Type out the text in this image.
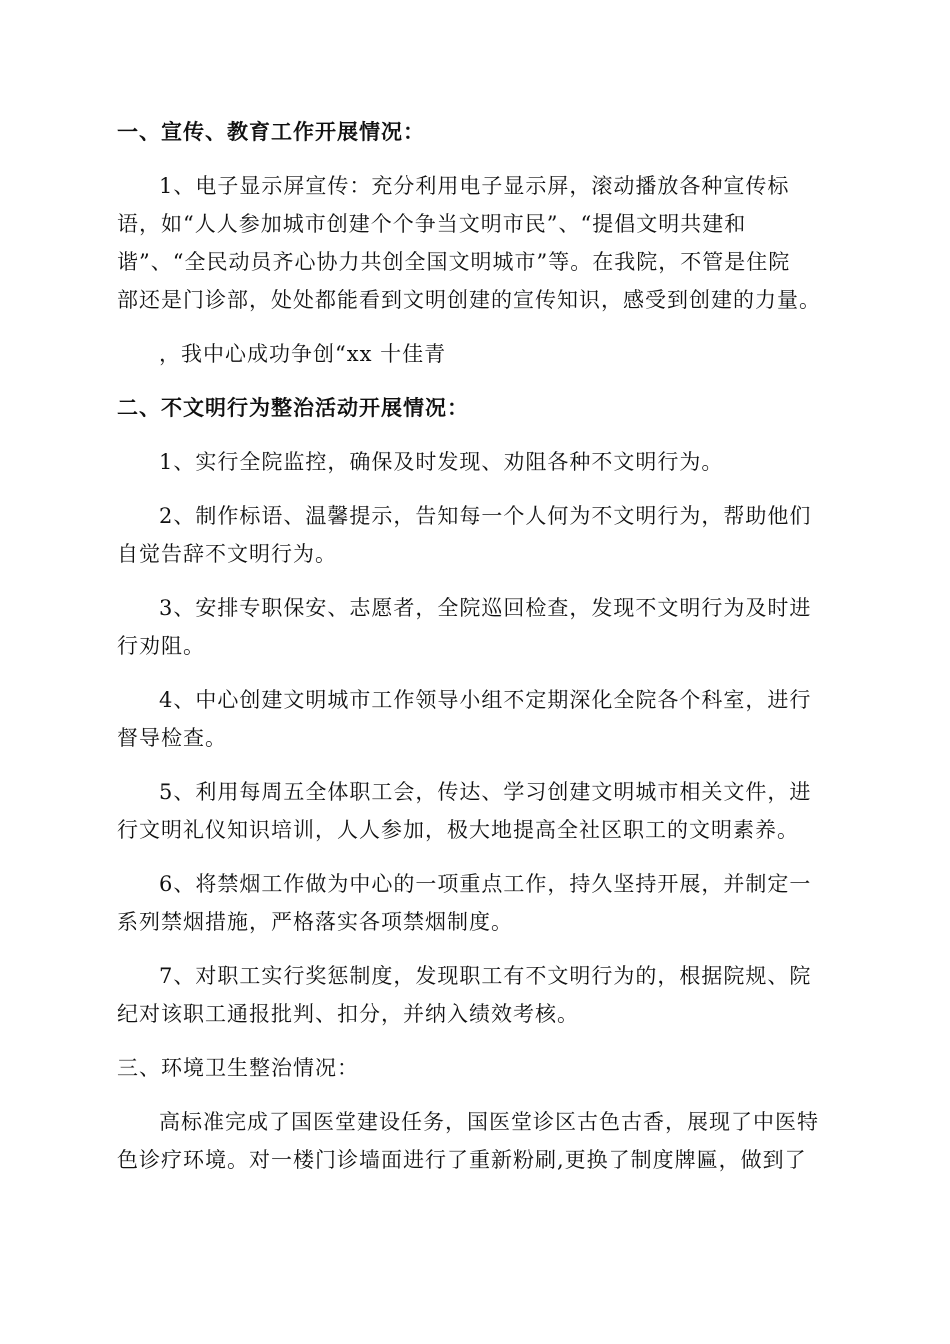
一、宣传、教育工作开展情况：
1、电子显示屏宣传：充分利用电子显示屏，滚动播放各种宣传标
语，如“人人参加城市创建个个争当文明市民”、“提倡文明共建和
谐”、“全民动员齐心协力共创全国文明城市”等。在我院，不管是住院
部还是门诊部，处处都能看到文明创建的宣传知识，感受到创建的力量。
，我中心成功争创“xx 十佳青
二、不文明行为整治活动开展情况：
1、实行全院监控，确保及时发现、劝阻各种不文明行为。
2、制作标语、温馨提示，告知每一个人何为不文明行为，帮助他们
自觉告辞不文明行为。
3、安排专职保安、志愿者，全院巡回检查，发现不文明行为及时进
行劝阻。
4、中心创建文明城市工作领导小组不定期深化全院各个科室，进行
督导检查。
5、利用每周五全体职工会，传达、学习创建文明城市相关文件，进
行文明礼仪知识培训，人人参加，极大地提高全社区职工的文明素养。
6、将禁烟工作做为中心的一项重点工作，持久坚持开展，并制定一
系列禁烟措施，严格落实各项禁烟制度。
7、对职工实行奖惩制度，发现职工有不文明行为的，根据院规、院
纪对该职工通报批判、扣分，并纳入绩效考核。
三、环境卫生整治情况：
高标准完成了国医堂建设任务，国医堂诊区古色古香，展现了中医特
色诊疗环境。对一楼门诊墙面进行了重新粉刷,更换了制度牌匾，做到了
